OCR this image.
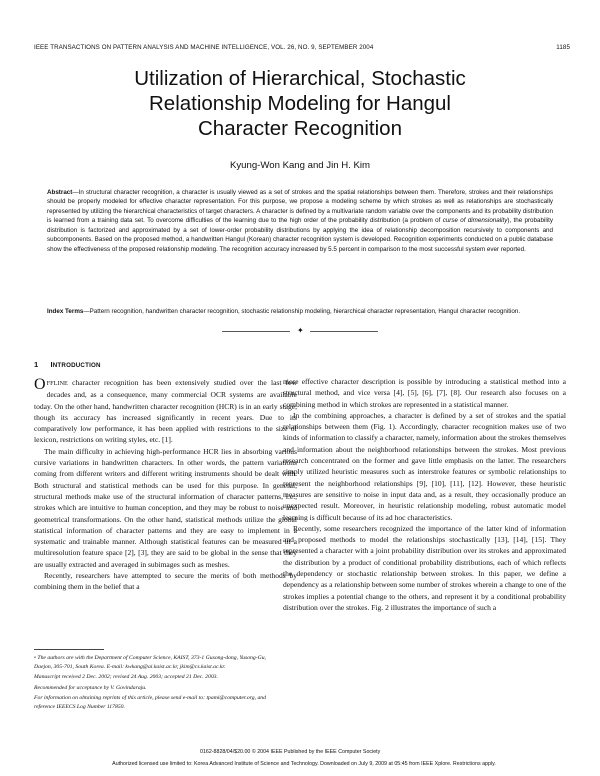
IEEE TRANSACTIONS ON PATTERN ANALYSIS AND MACHINE INTELLIGENCE, VOL. 26, NO. 9, SEPTEMBER 2004	1185
Utilization of Hierarchical, Stochastic
Relationship Modeling for Hangul
Character Recognition
Kyung-Won Kang and Jin H. Kim
Abstract—In structural character recognition, a character is usually viewed as a set of strokes and the spatial relationships between them. Therefore, strokes and their relationships should be properly modeled for effective character representation. For this purpose, we propose a modeling scheme by which strokes as well as relationships are stochastically represented by utilizing the hierarchical characteristics of target characters. A character is defined by a multivariate random variable over the components and its probability distribution is learned from a training data set. To overcome difficulties of the learning due to the high order of the probability distribution (a problem of curse of dimensionality), the probability distribution is factorized and approximated by a set of lower-order probability distributions by applying the idea of relationship decomposition recursively to components and subcomponents. Based on the proposed method, a handwritten Hangul (Korean) character recognition system is developed. Recognition experiments conducted on a public database show the effectiveness of the proposed relationship modeling. The recognition accuracy increased by 5.5 percent in comparison to the most successful system ever reported.
Index Terms—Pattern recognition, handwritten character recognition, stochastic relationship modeling, hierarchical character representation, Hangul character recognition.
✦
1 INTRODUCTION

OFFLINE character recognition has been extensively studied over the last few decades and, as a consequence, many commercial OCR systems are available today. On the other hand, handwritten character recognition (HCR) is in an early stage, though its accuracy has increased significantly in recent years. Due to its comparatively low performance, it has been applied with restrictions to the size of lexicon, restrictions on writing styles, etc. [1].

The main difficulty in achieving high-performance HCR lies in absorbing various cursive variations in handwritten characters. In other words, the pattern variations coming from different writers and different writing instruments should be dealt with. Both structural and statistical methods can be used for this purpose. In general, structural methods make use of the structural information of character patterns, i.e., strokes which are intuitive to human conception, and they may be robust to noise and geometrical transformations. On the other hand, statistical methods utilize the global statistical information of character patterns and they are easy to implement in a systematic and trainable manner. Although statistical features can be measured in a multiresolution feature space [2], [3], they are said to be global in the sense that they are usually extracted and averaged in subimages such as meshes.

Recently, researchers have attempted to secure the merits of both methods by combining them in the belief that a

more effective character description is possible by introducing a statistical method into a structural method, and vice versa [4], [5], [6], [7], [8]. Our research also focuses on a combining method in which strokes are represented in a statistical manner.

In the combining approaches, a character is defined by a set of strokes and the spatial relationships between them (Fig. 1). Accordingly, character recognition makes use of two kinds of information to classify a character, namely, information about the strokes themselves and information about the neighborhood relationships between the strokes. Most previous research concentrated on the former and gave little emphasis on the latter. The researchers simply utilized heuristic measures such as interstroke features or symbolic relationships to represent the neighborhood relationships [9], [10], [11], [12]. However, these heuristic measures are sensitive to noise in input data and, as a result, they occasionally produce an unexpected result. Moreover, in heuristic relationship modeling, robust automatic model learning is difficult because of its ad hoc characteristics.

Recently, some researchers recognized the importance of the latter kind of information and proposed methods to model the relationships stochastically [13], [14], [15]. They represented a character with a joint probability distribution over its strokes and approximated the distribution by a product of conditional probability distributions, each of which reflects the dependency or stochastic relationship between strokes. In this paper, we define a dependency as a relationship between some number of strokes wherein a change to one of the strokes implies a potential change to the others, and represent it by a conditional probability distribution over the strokes. Fig. 2 illustrates the importance of such a

• The authors are with the Department of Computer Science, KAIST, 373-1 Gusong-dong, Yusong-Gu, Daejon, 305-701, South Korea. E-mail: kwkang@ai.kaist.ac.kr, jkim@cs.kaist.ac.kr.
Manuscript received 2 Dec. 2002; revised 24 Aug. 2003; accepted 21 Dec. 2003.
Recommended for acceptance by V. Govindaraju.
For information on obtaining reprints of this article, please send e-mail to: tpami@computer.org, and reference IEEECS Log Number 117850.
0162-8828/04/$20.00 © 2004 IEEE Published by the IEEE Computer Society
Authorized licensed use limited to: Korea Advanced Institute of Science and Technology. Downloaded on July 9, 2009 at 05:45 from IEEE Xplore. Restrictions apply.
